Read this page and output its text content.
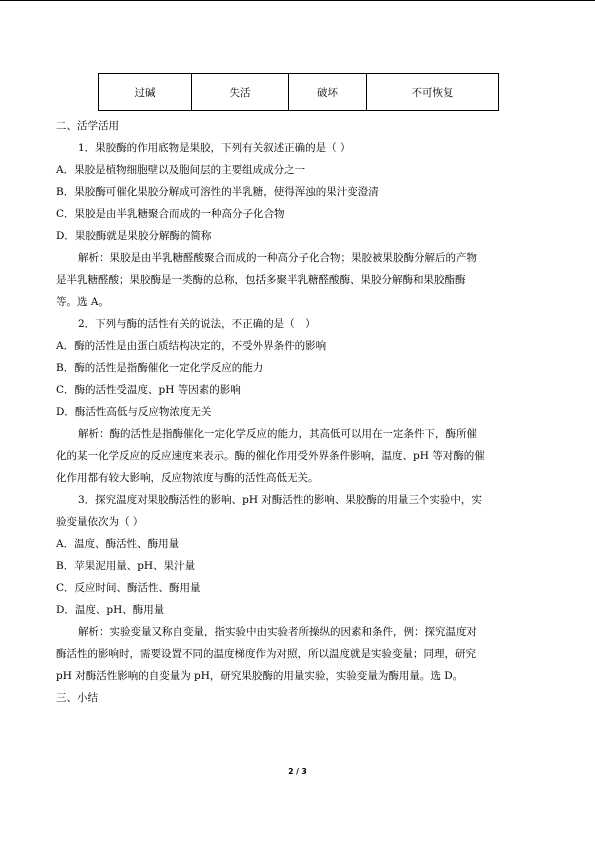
过碱	失活	破坏	不可恢复
二、活学活用
1．果胶酶的作用底物是果胶，下列有关叙述正确的是（ ）
A．果胶是植物细胞壁以及胞间层的主要组成成分之一
B．果胶酶可催化果胶分解成可溶性的半乳糖，使得浑浊的果汁变澄清
C．果胶是由半乳糖聚合而成的一种高分子化合物
D．果胶酶就是果胶分解酶的简称
解析：果胶是由半乳糖醛酸聚合而成的一种高分子化合物；果胶被果胶酶分解后的产物
是半乳糖醛酸；果胶酶是一类酶的总称，包括多聚半乳糖醛酸酶、果胶分解酶和果胶酯酶
等。选 A。
2．下列与酶的活性有关的说法，不正确的是（　）
A．酶的活性是由蛋白质结构决定的，不受外界条件的影响
B．酶的活性是指酶催化一定化学反应的能力
C．酶的活性受温度、pH 等因素的影响
D．酶活性高低与反应物浓度无关
解析：酶的活性是指酶催化一定化学反应的能力，其高低可以用在一定条件下，酶所催
化的某一化学反应的反应速度来表示。酶的催化作用受外界条件影响，温度、pH 等对酶的催
化作用都有较大影响，反应物浓度与酶的活性高低无关。
3．探究温度对果胶酶活性的影响、pH 对酶活性的影响、果胶酶的用量三个实验中，实
验变量依次为（ ）
A．温度、酶活性、酶用量
B．苹果泥用量、pH、果汁量
C．反应时间、酶活性、酶用量
D．温度、pH、酶用量
解析：实验变量又称自变量，指实验中由实验者所操纵的因素和条件，例：探究温度对
酶活性的影响时，需要设置不同的温度梯度作为对照，所以温度就是实验变量；同理，研究
pH 对酶活性影响的自变量为 pH，研究果胶酶的用量实验，实验变量为酶用量。选 D。
三、小结
2 / 3
